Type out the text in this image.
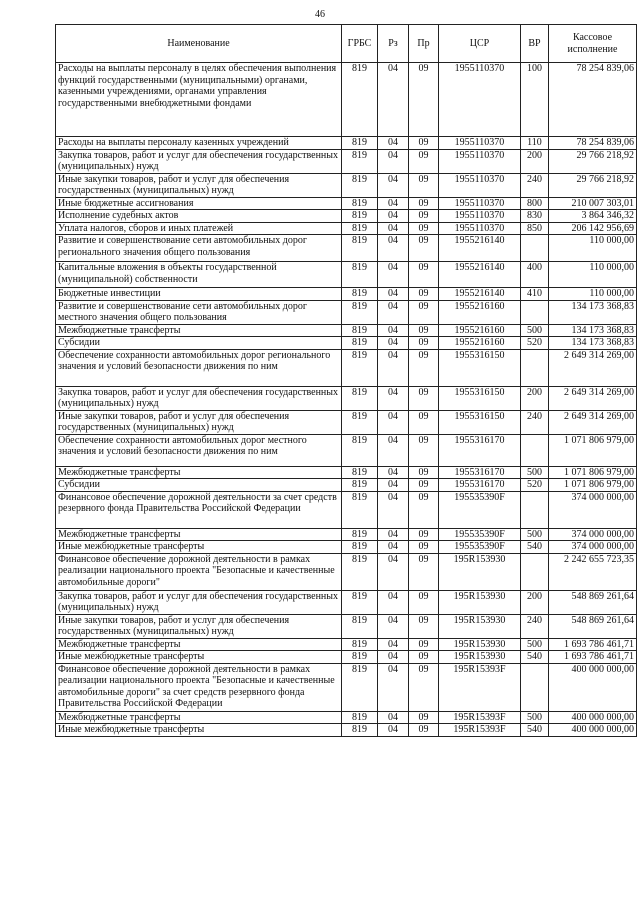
46
Наименование	ГРБС	Рз	Пр	ЦСР	ВР	Кассовое исполнение
Расходы на выплаты персоналу в целях обеспечения выполнения функций государственными (муниципальными) органами, казенными учреждениями, органами управления государственными внебюджетными фондами	819	04	09	1955110370	100	78 254 839,06
Расходы на выплаты персоналу казенных учреждений	819	04	09	1955110370	110	78 254 839,06
Закупка товаров, работ и услуг для обеспечения государственных (муниципальных) нужд	819	04	09	1955110370	200	29 766 218,92
Иные закупки товаров, работ и услуг для обеспечения государственных (муниципальных) нужд	819	04	09	1955110370	240	29 766 218,92
Иные бюджетные ассигнования	819	04	09	1955110370	800	210 007 303,01
Исполнение судебных актов	819	04	09	1955110370	830	3 864 346,32
Уплата налогов, сборов и иных платежей	819	04	09	1955110370	850	206 142 956,69
Развитие и совершенствование сети автомобильных дорог регионального значения общего пользования	819	04	09	1955216140		110 000,00
Капитальные вложения в объекты государственной (муниципальной) собственности	819	04	09	1955216140	400	110 000,00
Бюджетные инвестиции	819	04	09	1955216140	410	110 000,00
Развитие и совершенствование сети автомобильных дорог местного значения общего пользования	819	04	09	1955216160		134 173 368,83
Межбюджетные трансферты	819	04	09	1955216160	500	134 173 368,83
Субсидии	819	04	09	1955216160	520	134 173 368,83
Обеспечение сохранности автомобильных дорог регионального значения и условий безопасности движения по ним	819	04	09	1955316150		2 649 314 269,00
Закупка товаров, работ и услуг для обеспечения государственных (муниципальных) нужд	819	04	09	1955316150	200	2 649 314 269,00
Иные закупки товаров, работ и услуг для обеспечения государственных (муниципальных) нужд	819	04	09	1955316150	240	2 649 314 269,00
Обеспечение сохранности автомобильных дорог местного значения и условий безопасности движения по ним	819	04	09	1955316170		1 071 806 979,00
Межбюджетные трансферты	819	04	09	1955316170	500	1 071 806 979,00
Субсидии	819	04	09	1955316170	520	1 071 806 979,00
Финансовое обеспечение дорожной деятельности за счет средств резервного фонда Правительства Российской Федерации	819	04	09	195535390F		374 000 000,00
Межбюджетные трансферты	819	04	09	195535390F	500	374 000 000,00
Иные межбюджетные трансферты	819	04	09	195535390F	540	374 000 000,00
Финансовое обеспечение дорожной деятельности в рамках реализации национального проекта "Безопасные и качественные автомобильные дороги"	819	04	09	195R153930		2 242 655 723,35
Закупка товаров, работ и услуг для обеспечения государственных (муниципальных) нужд	819	04	09	195R153930	200	548 869 261,64
Иные закупки товаров, работ и услуг для обеспечения государственных (муниципальных) нужд	819	04	09	195R153930	240	548 869 261,64
Межбюджетные трансферты	819	04	09	195R153930	500	1 693 786 461,71
Иные межбюджетные трансферты	819	04	09	195R153930	540	1 693 786 461,71
Финансовое обеспечение дорожной деятельности в рамках реализации национального проекта "Безопасные и качественные автомобильные дороги" за счет средств резервного фонда Правительства Российской Федерации	819	04	09	195R15393F		400 000 000,00
Межбюджетные трансферты	819	04	09	195R15393F	500	400 000 000,00
Иные межбюджетные трансферты	819	04	09	195R15393F	540	400 000 000,00
